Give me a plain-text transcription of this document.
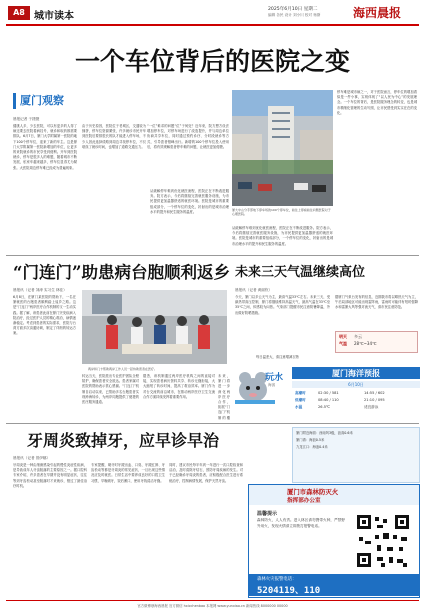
A8 城市读本
2025年6月10日 星期二
编辑 各民 设计 刘小川 校对 杨斯	海西晨报
一个车位背后的医院之变
厦门观察
晨报记者 于捷捷
健康人多，少去医院，可以有更多的人得了病还要去医院看病挂号，就诊和取药都需要排队。6月7日，厦门大学附属第一医院的地下100个停车位，迎来了新的车主。这是厦门大学附属第一医院新增加的车位，让更多的来院就诊的市民享受到便利。开车到医院就诊，停车是很多人的难题，随着城市不断发展，私家车越来越多，停车位显得尤为紧张。大医院周边停车难已经成为普遍现象。
由于历史原因，医院位于老城区，交通较为拥挤，停车位资源紧张，许多就诊市民开车到医院后要排很长的队才能进入停车场，不少人因此选择绕路到周边寻找停车位，不仅耽误了就诊时间，也增加了道路交通压力。
“一位”难求的问题“位”于何处？近年来，院方想方设法增加停车位，对停车场进行了改造提升，并与周边单位协商共享车位，同时通过预约诊疗、分时段就诊等方式，引导患者错峰出行。新增的100个停车位投入使用后，将有效缓解患者停车难的问题，让就医更加便捷。
厦大中山分手部地下停车场的100个停车位，前往上停看前往问题医院对于心理医院。
从破解停车难到优化就医流程，医院正在不断改进服务。院方表示，今后将继续完善就医服务设施，为市民提供更加温馨舒适的就医环境。医院是城市的重要组成部分，一个停车位的变化，折射出的是城市治理水平的提升和民生服务的温度。
停车难是城市病之一，对于医院而言，停车位的增加看似是一件小事，实则体现了“以人民为中心”的发展理念。一个车位的背后，是医院服务理念的转变，也是城市精细化管理的生动写照，让市民感受到实实在在的变化。
从破解停车难到优化就医流程，医院正在不断改进服务。院方表示，今后将继续完善就医服务设施，为市民提供更加温馨舒适的就医环境。医院是城市的重要组成部分，一个停车位的变化，折射出的是城市治理水平的提升和民生服务的温度。
“门连门”助患病台胞顺利返乡
晨报讯（记者 刘涛 实习生 林佳）
6月8日，在厦门某医院的帮助下，一名在厦就医的台胞患者顺利踏上返乡之路。这是“门连门”两岸医疗合作机制的又一生动实践。据了解，该患者此前在厦门突发疾病入院治疗，经过医护人员的精心救治，病情逐渐稳定。考虑到患者的实际需求，医院与台湾方面多次沟通协调，制定了详细的转运方案。
两岸和门卡帮助两岸工作人员一起协助患者在医疗。
转运当天，医院派出专业医护团队全程陪护，确保患者安全抵达。患者家属对医院的帮助表示衷心感谢。“门连门”机制自启动以来，已帮助多名台胞患者实现跨海转诊，为两岸同胞提供了便捷的医疗服务通道。
据悉，该机制通过两岸医疗机构之间的直接对接，实现患者病历资料共享、转诊无缝衔接，大大缩短了转诊时间，提高了救治效率。厦门作为对台交流的前沿城市，在推动两岸医疗卫生交流合作方面持续发挥着重要作用。
未来，厦门将进一步深化两岸医疗合作，拓展“门连门”机制的覆
未来三天气温继续高位
晨报讯（记者 黄丽钦）
今天，厦门以多云天气为主，最高气温33℃左右。未来三天，受副热带高压控制，厦门将继续维持高温天气，最高气温在33℃至35℃之间，体感较为闷热。气象部门提醒市民注意防暑降温，外出做好防晒措施。
据厦门气象台发布的信息，近期我市将以晴热天气为主，午后局部地区可能出现雷阵雨，雷雨时可能伴有短时强降水和雷暴大风等强对流天气，请市民注意防范。
明天 多云
气温 28℃~34℃
每日温差大，请注意增减衣物
玩水
海滨
厦门海洋预报
6月10日
高潮时	02:30 / 581	14:55 / 602
低潮时	08:40 / 110	21:10 / 095
水温	26.5℃	适宜游泳
牙周炎致掉牙，应早诊早治
晨报讯（记者 曾伊娜）
牙周炎是一种由细菌感染引起的慢性炎症性疾病，是导致成年人牙齿脱落的主要原因之一。据口腔科专家介绍，许多患者在早期并没有明显症状，往往等到牙齿松动甚至脱落时才来就诊，错过了最佳治疗时机。
专家提醒，刷牙时牙龈出血、口臭、牙龈红肿、牙齿松动等都是牙周炎的常见症状，一旦出现这些情况应及时就医。日常生活中要养成良好的口腔卫生习惯，早晚刷牙，饭后漱口，使用牙线清洁牙缝。
同时，建议市民每半年到一年进行一次口腔检查和洁治，及时清除牙结石，预防牙周疾病的发生。对于已经确诊牙周炎的患者，应积极配合医生进行系统治疗，控制病情发展，保护天然牙齿。
厦门附近海面：西南风3级，浪高0.6米
厦门湾：海浪0.5米
九龙江口：海浪0.4米
厦门市森林防灭火
指挥部办公室
温馨提示
森林防火，人人有责。进入林区请勿携带火种，严禁野外用火，发现火情请立即拨打报警电话。
森林火灾报警电话：
5204119、110
官方微博@海西晨报 官方微信 hxicchenbao 本报网 www.yunxiao.cn 新闻热线 8000000 00000
